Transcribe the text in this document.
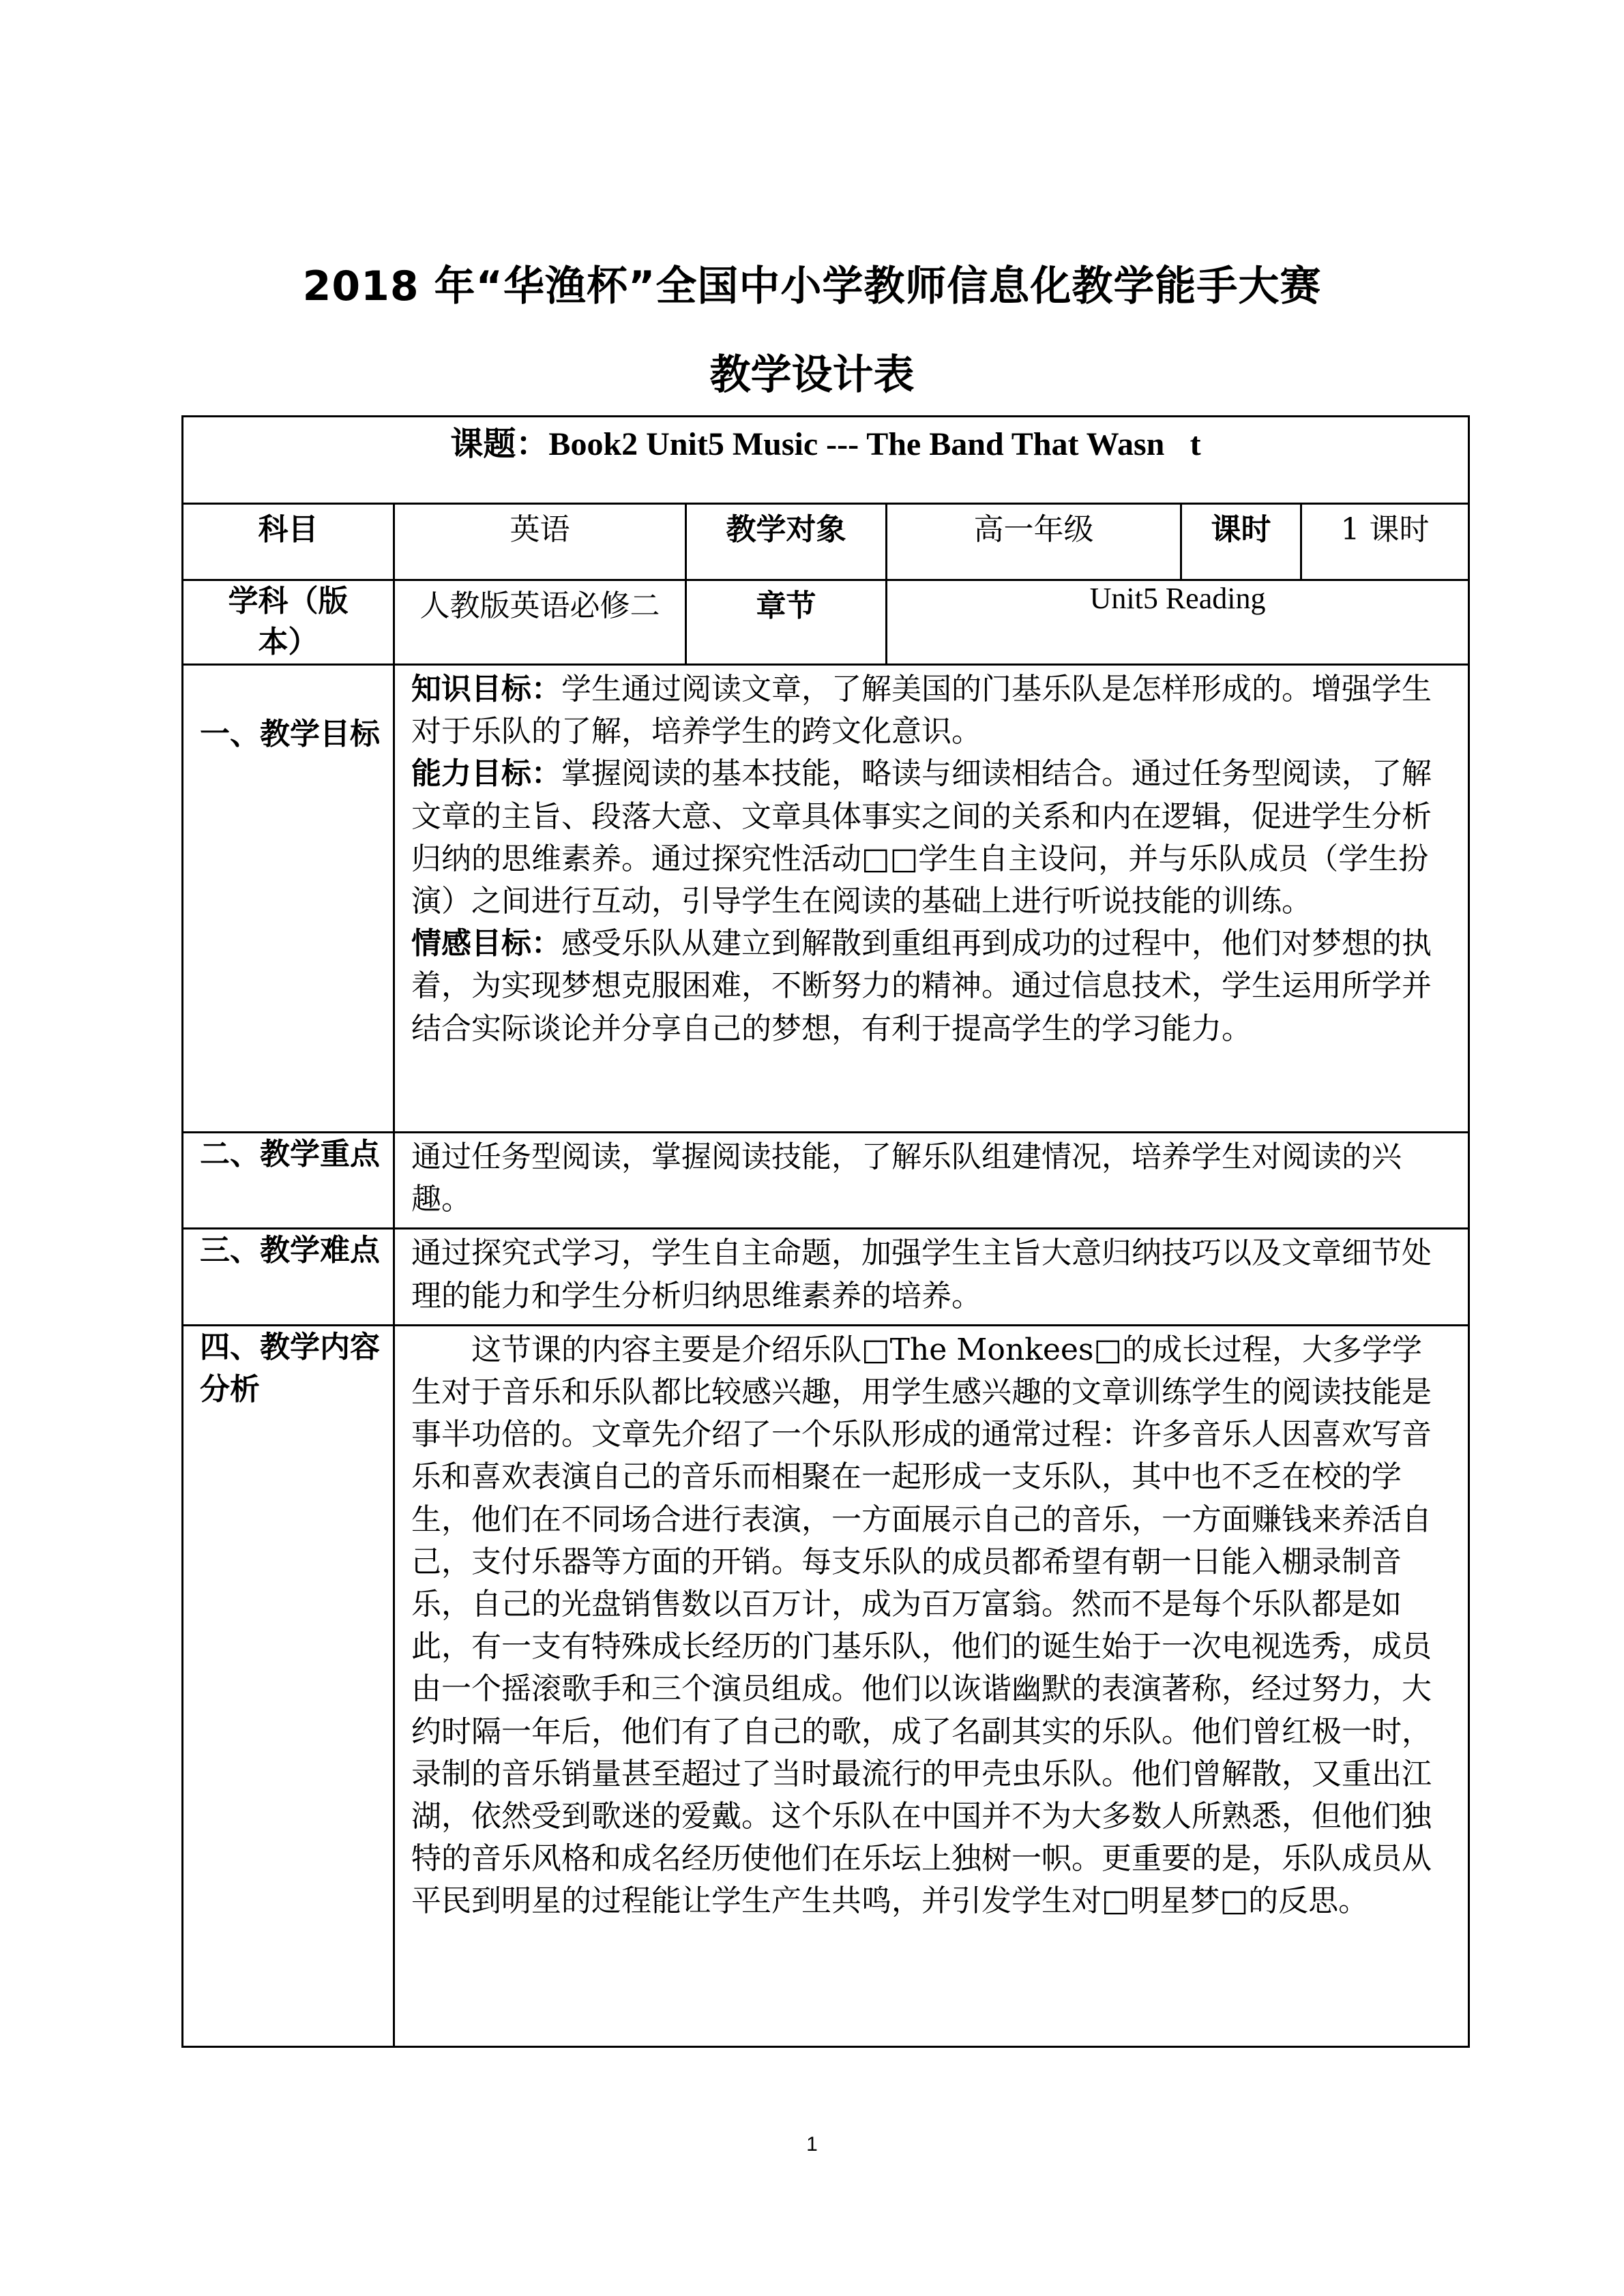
2018 年“华渔杯”全国中小学教师信息化教学能手大赛
教学设计表
课题：Book2 Unit5 Music --- The Band That Wasn t					
科目	英语	教学对象	高一年级	课时	1 课时
学科（版本）	人教版英语必修二	章节	Unit5 Reading		
一、教学目标	知识目标：学生通过阅读文章，了解美国的门基乐队是怎样形成的。增强学生对于乐队的了解，培养学生的跨文化意识。

能力目标：掌握阅读的基本技能，略读与细读相结合。通过任务型阅读，了解文章的主旨、段落大意、文章具体事实之间的关系和内在逻辑，促进学生分析归纳的思维素养。通过探究性活动□□学生自主设问，并与乐队成员（学生扮演）之间进行互动，引导学生在阅读的基础上进行听说技能的训练。

情感目标：感受乐队从建立到解散到重组再到成功的过程中，他们对梦想的执着，为实现梦想克服困难，不断努力的精神。通过信息技术，学生运用所学并结合实际谈论并分享自己的梦想，有利于提高学生的学习能力。				

二、教学重点	通过任务型阅读，掌握阅读技能，了解乐队组建情况，培养学生对阅读的兴趣。				
三、教学难点	通过探究式学习，学生自主命题，加强学生主旨大意归纳技巧以及文章细节处理的能力和学生分析归纳思维素养的培养。				
四、教学内容分析	这节课的内容主要是介绍乐队□The Monkees□的成长过程，大多学学生对于音乐和乐队都比较感兴趣，用学生感兴趣的文章训练学生的阅读技能是事半功倍的。文章先介绍了一个乐队形成的通常过程：许多音乐人因喜欢写音乐和喜欢表演自己的音乐而相聚在一起形成一支乐队，其中也不乏在校的学生，他们在不同场合进行表演，一方面展示自己的音乐，一方面赚钱来养活自己，支付乐器等方面的开销。每支乐队的成员都希望有朝一日能入棚录制音乐，自己的光盘销售数以百万计，成为百万富翁。然而不是每个乐队都是如此，有一支有特殊成长经历的门基乐队，他们的诞生始于一次电视选秀，成员由一个摇滚歌手和三个演员组成。他们以诙谐幽默的表演著称，经过努力，大约时隔一年后，他们有了自己的歌，成了名副其实的乐队。他们曾红极一时，录制的音乐销量甚至超过了当时最流行的甲壳虫乐队。他们曾解散，又重出江湖，依然受到歌迷的爱戴。这个乐队在中国并不为大多数人所熟悉，但他们独特的音乐风格和成名经历使他们在乐坛上独树一帜。更重要的是，乐队成员从平民到明星的过程能让学生产生共鸣，并引发学生对□明星梦□的反思。				

1
